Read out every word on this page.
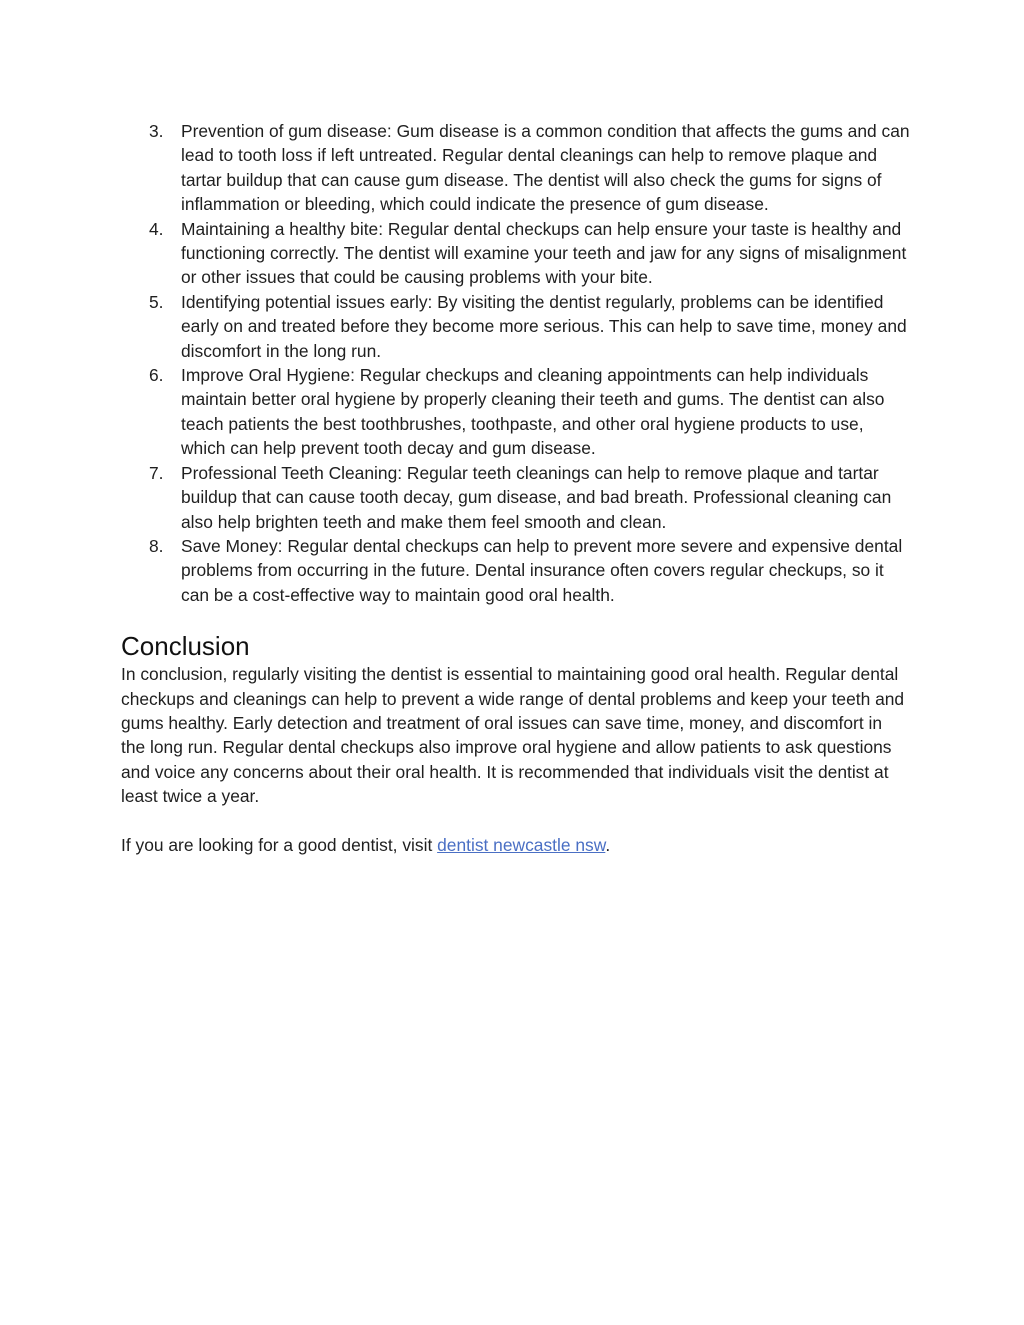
3. Prevention of gum disease: Gum disease is a common condition that affects the gums and can lead to tooth loss if left untreated. Regular dental cleanings can help to remove plaque and tartar buildup that can cause gum disease. The dentist will also check the gums for signs of inflammation or bleeding, which could indicate the presence of gum disease.
4. Maintaining a healthy bite: Regular dental checkups can help ensure your taste is healthy and functioning correctly. The dentist will examine your teeth and jaw for any signs of misalignment or other issues that could be causing problems with your bite.
5. Identifying potential issues early: By visiting the dentist regularly, problems can be identified early on and treated before they become more serious. This can help to save time, money and discomfort in the long run.
6. Improve Oral Hygiene: Regular checkups and cleaning appointments can help individuals maintain better oral hygiene by properly cleaning their teeth and gums. The dentist can also teach patients the best toothbrushes, toothpaste, and other oral hygiene products to use, which can help prevent tooth decay and gum disease.
7. Professional Teeth Cleaning: Regular teeth cleanings can help to remove plaque and tartar buildup that can cause tooth decay, gum disease, and bad breath. Professional cleaning can also help brighten teeth and make them feel smooth and clean.
8. Save Money: Regular dental checkups can help to prevent more severe and expensive dental problems from occurring in the future. Dental insurance often covers regular checkups, so it can be a cost-effective way to maintain good oral health.
Conclusion

In conclusion, regularly visiting the dentist is essential to maintaining good oral health. Regular dental checkups and cleanings can help to prevent a wide range of dental problems and keep your teeth and gums healthy. Early detection and treatment of oral issues can save time, money, and discomfort in the long run. Regular dental checkups also improve oral hygiene and allow patients to ask questions and voice any concerns about their oral health. It is recommended that individuals visit the dentist at least twice a year.

If you are looking for a good dentist, visit dentist newcastle nsw.
